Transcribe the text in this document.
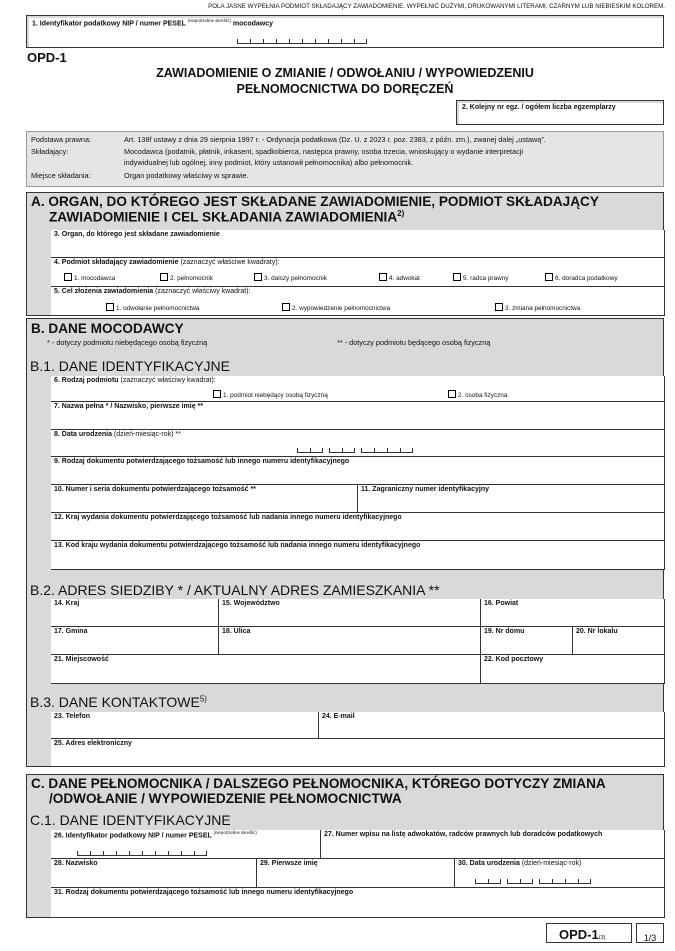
POLA JASNE WYPEŁNIA PODMIOT SKŁADAJĄCY ZAWIADOMIENIE. WYPEŁNIĆ DUŻYMI, DRUKOWANYMI LITERAMI, CZARNYM LUB NIEBIESKIM KOLOREM.
1. Identyfikator podatkowy NIP / numer PESEL $^{(niepotrzebne skreślić)}$ mocodawcy
OPD-1
ZAWIADOMIENIE O ZMIANIE / ODWOŁANIU / WYPOWIEDZENIU
PEŁNOMOCNICTWA DO DORĘCZEŃ
2. Kolejny nr egz. / ogółem liczba egzemplarzy
Podstawa prawna:	Art. 138f ustawy z dnia 29 sierpnia 1997 r. - Ordynacja podatkowa (Dz. U. z 2023 r. poz. 2383, z późn. zm.), zwanej dalej „ustawą”.
Składający:	Mocodawca (podatnik, płatnik, inkasent, spadkobierca, następca prawny, osoba trzecia, wnioskujący o wydanie interpretacji
indywidualnej lub ogólnej, inny podmiot, który ustanowił pełnomocnika) albo pełnomocnik.
Miejsce składania:	Organ podatkowy właściwy w sprawie.
A. ORGAN, DO KTÓREGO JEST SKŁADANE ZAWIADOMIENIE, PODMIOT SKŁADAJĄCY
ZAWIADOMIENIE I CEL SKŁADANIA ZAWIADOMIENIA$^{2)}$
3. Organ, do którego jest składane zawiadomienie
4. Podmiot składający zawiadomienie (zaznaczyć właściwe kwadraty):
1. mocodawca	2. pełnomocnik	3. dalszy pełnomocnik	4. adwokat	5. radca prawny	6. doradca podatkowy
5. Cel złożenia zawiadomienia (zaznaczyć właściwy kwadrat):
1. odwołanie pełnomocnictwa	2. wypowiedzenie pełnomocnictwa	3. zmiana pełnomocnictwa
B. DANE MOCODAWCY
* - dotyczy podmiotu niebędącego osobą fizyczną	** - dotyczy podmiotu będącego osobą fizyczną
B.1. DANE IDENTYFIKACYJNE
6. Rodzaj podmiotu (zaznaczyć właściwy kwadrat):
1. podmiot niebędący osobą fizyczną	2. osoba fizyczna
7. Nazwa pełna * / Nazwisko, pierwsze imię **
8. Data urodzenia (dzień-miesiąc-rok) **
9. Rodzaj dokumentu potwierdzającego tożsamość lub innego numeru identyfikacyjnego
10. Numer i seria dokumentu potwierdzającego tożsamość **	11. Zagraniczny numer identyfikacyjny
12. Kraj wydania dokumentu potwierdzającego tożsamość lub nadania innego numeru identyfikacyjnego
13. Kod kraju wydania dokumentu potwierdzającego tożsamość lub nadania innego numeru identyfikacyjnego
B.2. ADRES SIEDZIBY * / AKTUALNY ADRES ZAMIESZKANIA **
14. Kraj	15. Województwo	16. Powiat
17. Gmina	18. Ulica	19. Nr domu	20. Nr lokalu
21. Miejscowość	22. Kod pocztowy
B.3. DANE KONTAKTOWE$^{5)}$
23. Telefon	24. E-mail
25. Adres elektroniczny
C. DANE PEŁNOMOCNIKA / DALSZEGO PEŁNOMOCNIKA, KTÓREGO DOTYCZY ZMIANA
/ODWOŁANIE / WYPOWIEDZENIE PEŁNOMOCNICTWA
C.1. DANE IDENTYFIKACYJNE
26. Identyfikator podatkowy NIP / numer PESEL $^{(niepotrzebne skreślić)}$	27. Numer wpisu na listę adwokatów, radców prawnych lub doradców podatkowych
28. Nazwisko	29. Pierwsze imię	30. Data urodzenia (dzień-miesiąc-rok)
31. Rodzaj dokumentu potwierdzającego tożsamość lub innego numeru identyfikacyjnego
OPD-1(3)	1/3
